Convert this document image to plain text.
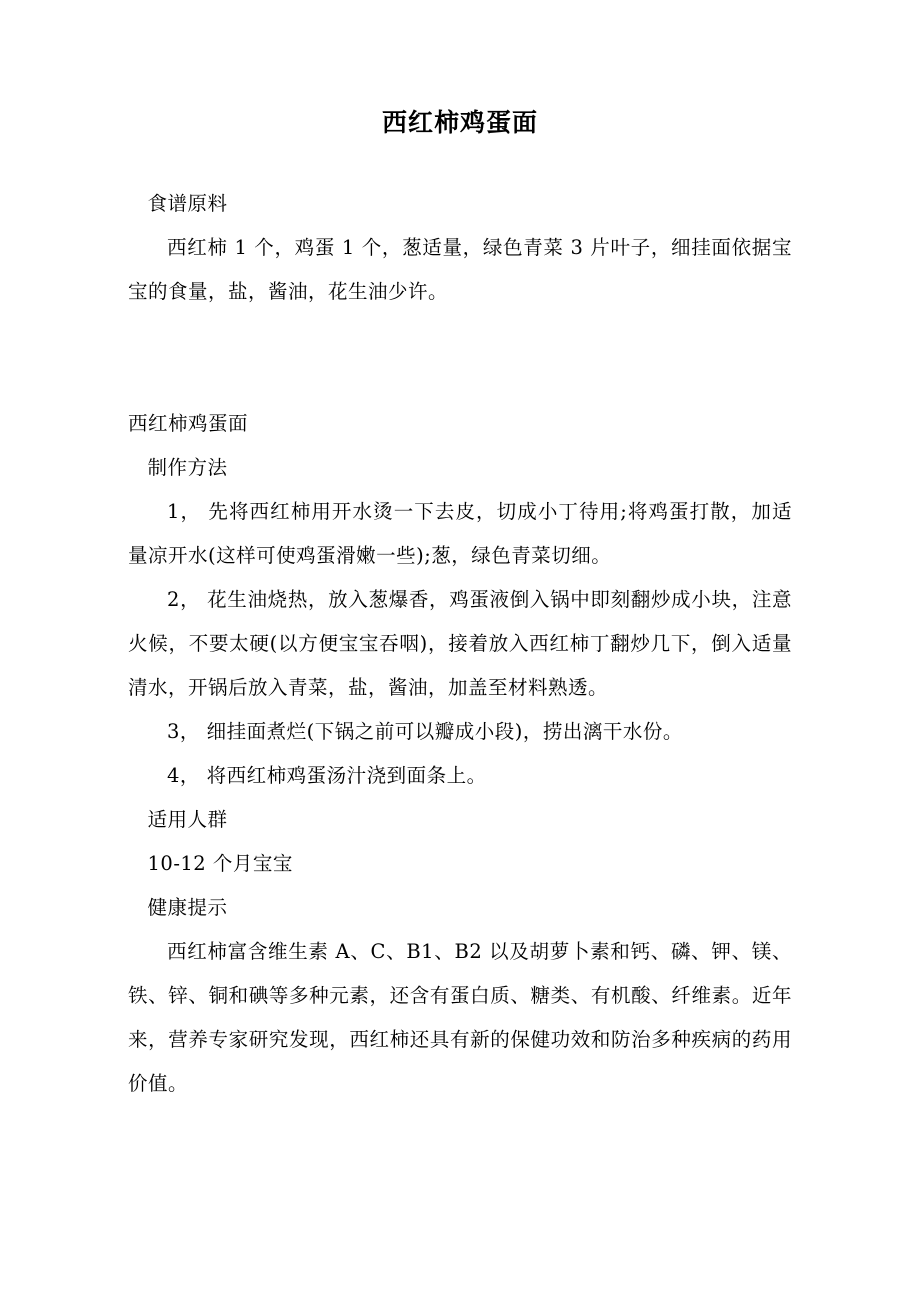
西红柿鸡蛋面

食谱原料

西红柿 1 个，鸡蛋 1 个，葱适量，绿色青菜 3 片叶子，细挂面依据宝宝的食量，盐，酱油，花生油少许。

西红柿鸡蛋面

制作方法

1， 先将西红柿用开水烫一下去皮，切成小丁待用;将鸡蛋打散，加适量凉开水(这样可使鸡蛋滑嫩一些);葱，绿色青菜切细。

2， 花生油烧热，放入葱爆香，鸡蛋液倒入锅中即刻翻炒成小块，注意火候，不要太硬(以方便宝宝吞咽)，接着放入西红柿丁翻炒几下，倒入适量清水，开锅后放入青菜，盐，酱油，加盖至材料熟透。

3， 细挂面煮烂(下锅之前可以瓣成小段)，捞出漓干水份。

4， 将西红柿鸡蛋汤汁浇到面条上。

适用人群

10-12 个月宝宝

健康提示

西红柿富含维生素 A、C、B1、B2 以及胡萝卜素和钙、磷、钾、镁、铁、锌、铜和碘等多种元素，还含有蛋白质、糖类、有机酸、纤维素。近年来，营养专家研究发现，西红柿还具有新的保健功效和防治多种疾病的药用价值。
